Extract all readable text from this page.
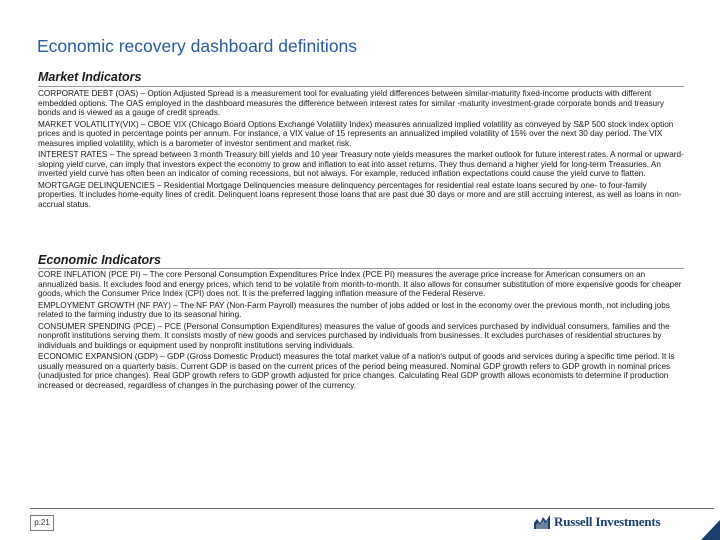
Economic recovery dashboard definitions
Market Indicators

CORPORATE DEBT (OAS) – Option Adjusted Spread is a measurement tool for evaluating yield differences between similar-maturity fixed-income products with different embedded options. The OAS employed in the dashboard measures the difference between interest rates for similar -maturity investment-grade corporate bonds and treasury bonds and is viewed as a gauge of credit spreads.

MARKET VOLATILITY(VIX) – CBOE VIX (Chicago Board Options Exchange Volatility Index) measures annualized implied volatility as conveyed by S&P 500 stock index option prices and is quoted in percentage points per annum. For instance, a VIX value of 15 represents an annualized implied volatility of 15% over the next 30 day period. The VIX measures implied volatility, which is a barometer of investor sentiment and market risk.

INTEREST RATES – The spread between 3 month Treasury bill yields and 10 year Treasury note yields measures the market outlook for future interest rates. A normal or upward-sloping yield curve, can imply that investors expect the economy to grow and inflation to eat into asset returns. They thus demand a higher yield for long-term Treasuries. An inverted yield curve has often been an indicator of coming recessions, but not always. For example, reduced inflation expectations could cause the yield curve to flatten.

MORTGAGE DELINQUENCIES – Residential Mortgage Delinquencies measure delinquency percentages for residential real estate loans secured by one- to four-family properties. It includes home-equity lines of credit. Delinquent loans represent those loans that are past due 30 days or more and are still accruing interest, as well as loans in non-accrual status.

Economic Indicators

CORE INFLATION (PCE PI) – The core Personal Consumption Expenditures Price Index (PCE PI) measures the average price increase for American consumers on an annualized basis. It excludes food and energy prices, which tend to be volatile from month-to-month. It also allows for consumer substitution of more expensive goods for cheaper goods, which the Consumer Price Index (CPI) does not. It is the preferred lagging inflation measure of the Federal Reserve.

EMPLOYMENT GROWTH (NF PAY) – The NF PAY (Non-Farm Payroll) measures the number of jobs added or lost in the economy over the previous month, not including jobs related to the farming industry due to its seasonal hiring.

CONSUMER SPENDING (PCE) – PCE (Personal Consumption Expenditures) measures the value of goods and services purchased by individual consumers, families and the nonprofit institutions serving them. It consists mostly of new goods and services purchased by individuals from businesses. It excludes purchases of residential structures by individuals and buildings or equipment used by nonprofit institutions serving individuals.

ECONOMIC EXPANSION (GDP) – GDP (Gross Domestic Product) measures the total market value of a nation's output of goods and services during a specific time period. It is usually measured on a quarterly basis. Current GDP is based on the current prices of the period being measured. Nominal GDP growth refers to GDP growth in nominal prices (unadjusted for price changes). Real GDP growth refers to GDP growth adjusted for price changes. Calculating Real GDP growth allows economists to determine if production increased or decreased, regardless of changes in the purchasing power of the currency.

p.21	Russell Investments
